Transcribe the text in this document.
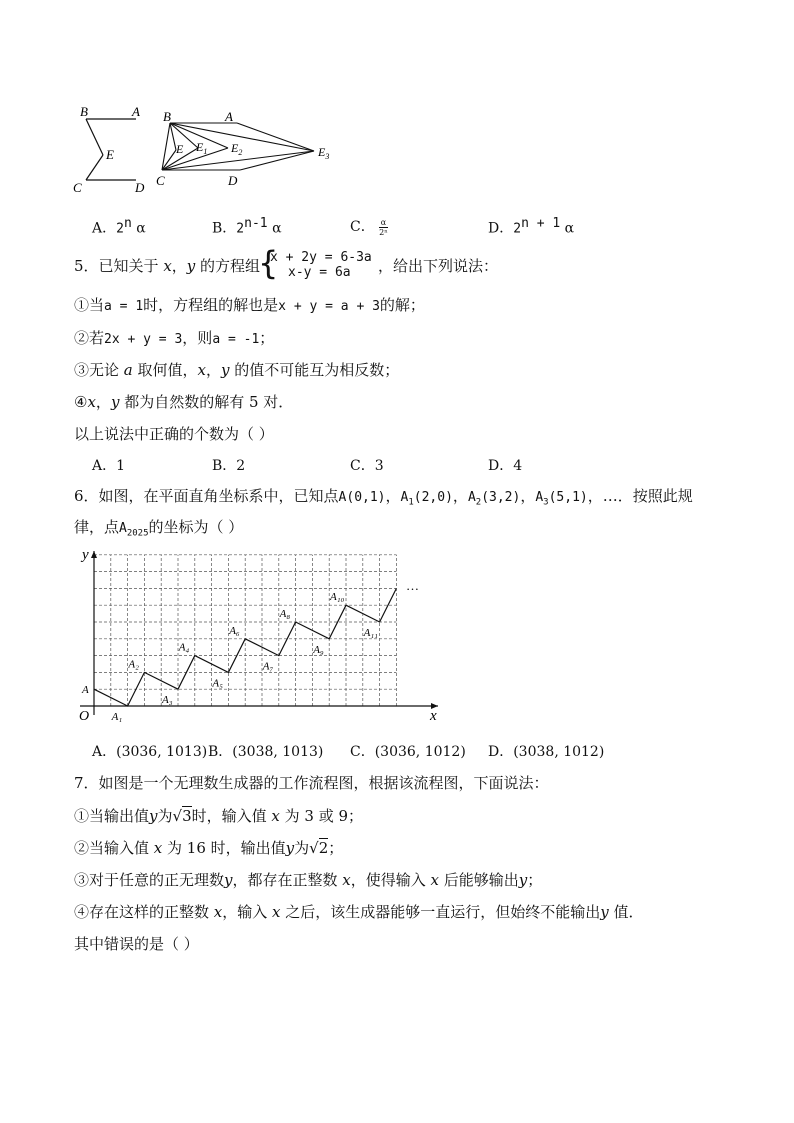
B	A
E
C	D
B	A
E $E_1$ $E_2$	$E_3$
C	D
A．2$^n$ α	B．2$^{n-1}$ α	C． $\frac{\alpha}{\text{2ⁿ}}$	D．$2^{n + 1}$ α
5．已知关于 x，y 的方程组
{
x + 2y = 6-3a
x-y = 6a ，给出下列说法：
①当a = 1时，方程组的解也是x + y = a + 3的解；
②若2x + y = 3，则a = -1；
③无论 a 取何值，x，y 的值不可能互为相反数；
④x，y 都为自然数的解有 5 对．
以上说法中正确的个数为（ ）
A．1	B．2	C．3	D．4
6．如图，在平面直角坐标系中，已知点A(0,1)，$A_1(2,0)$，$A_2(3,2)$，$A_3(5,1)$，…．按照此规
律，点$A_{2025}$的坐标为（ ）
A
A₁
A₂
A₃
A₄
A₅
A₆
A₇
A₈
A₉
A₁₀
A₁₁
y
x
O
…
A．(3036, 1013) B．(3038, 1013) C．(3036, 1012) D．(3038, 1012)
7．如图是一个无理数生成器的工作流程图，根据该流程图，下面说法：
①当输出值y为√3时，输入值 x 为 3 或 9；
②当输入值 x 为 16 时，输出值y为√2；
③对于任意的正无理数y，都存在正整数 x，使得输入 x 后能够输出y；
④存在这样的正整数 x，输入 x 之后，该生成器能够一直运行，但始终不能输出y 值．
其中错误的是（ ）
